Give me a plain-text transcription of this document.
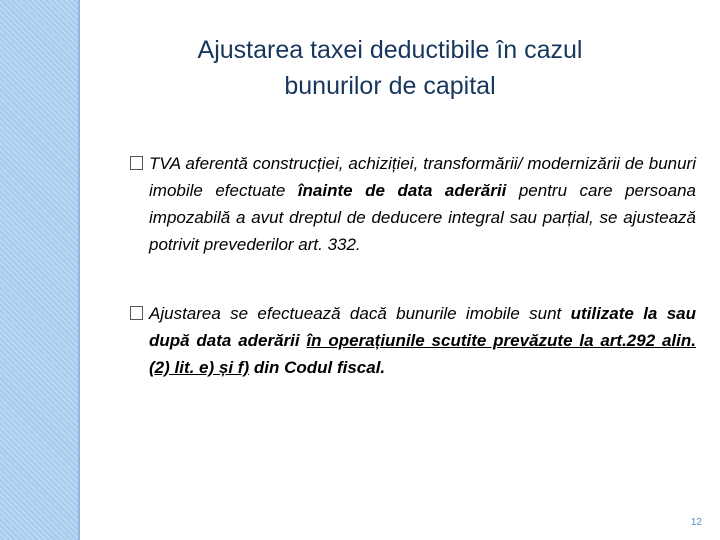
Ajustarea taxei deductibile în cazul
bunurilor de capital
TVA aferentă construcției, achiziției, transformării/ modernizării de bunuri imobile efectuate înainte de data aderării pentru care persoana impozabilă a avut dreptul de deducere integral sau parțial, se ajustează potrivit prevederilor art. 332.
Ajustarea se efectuează dacă bunurile imobile sunt utilizate la sau după data aderării în operațiunile scutite prevăzute la art.292 alin. (2) lit. e) și f) din Codul fiscal.
12
